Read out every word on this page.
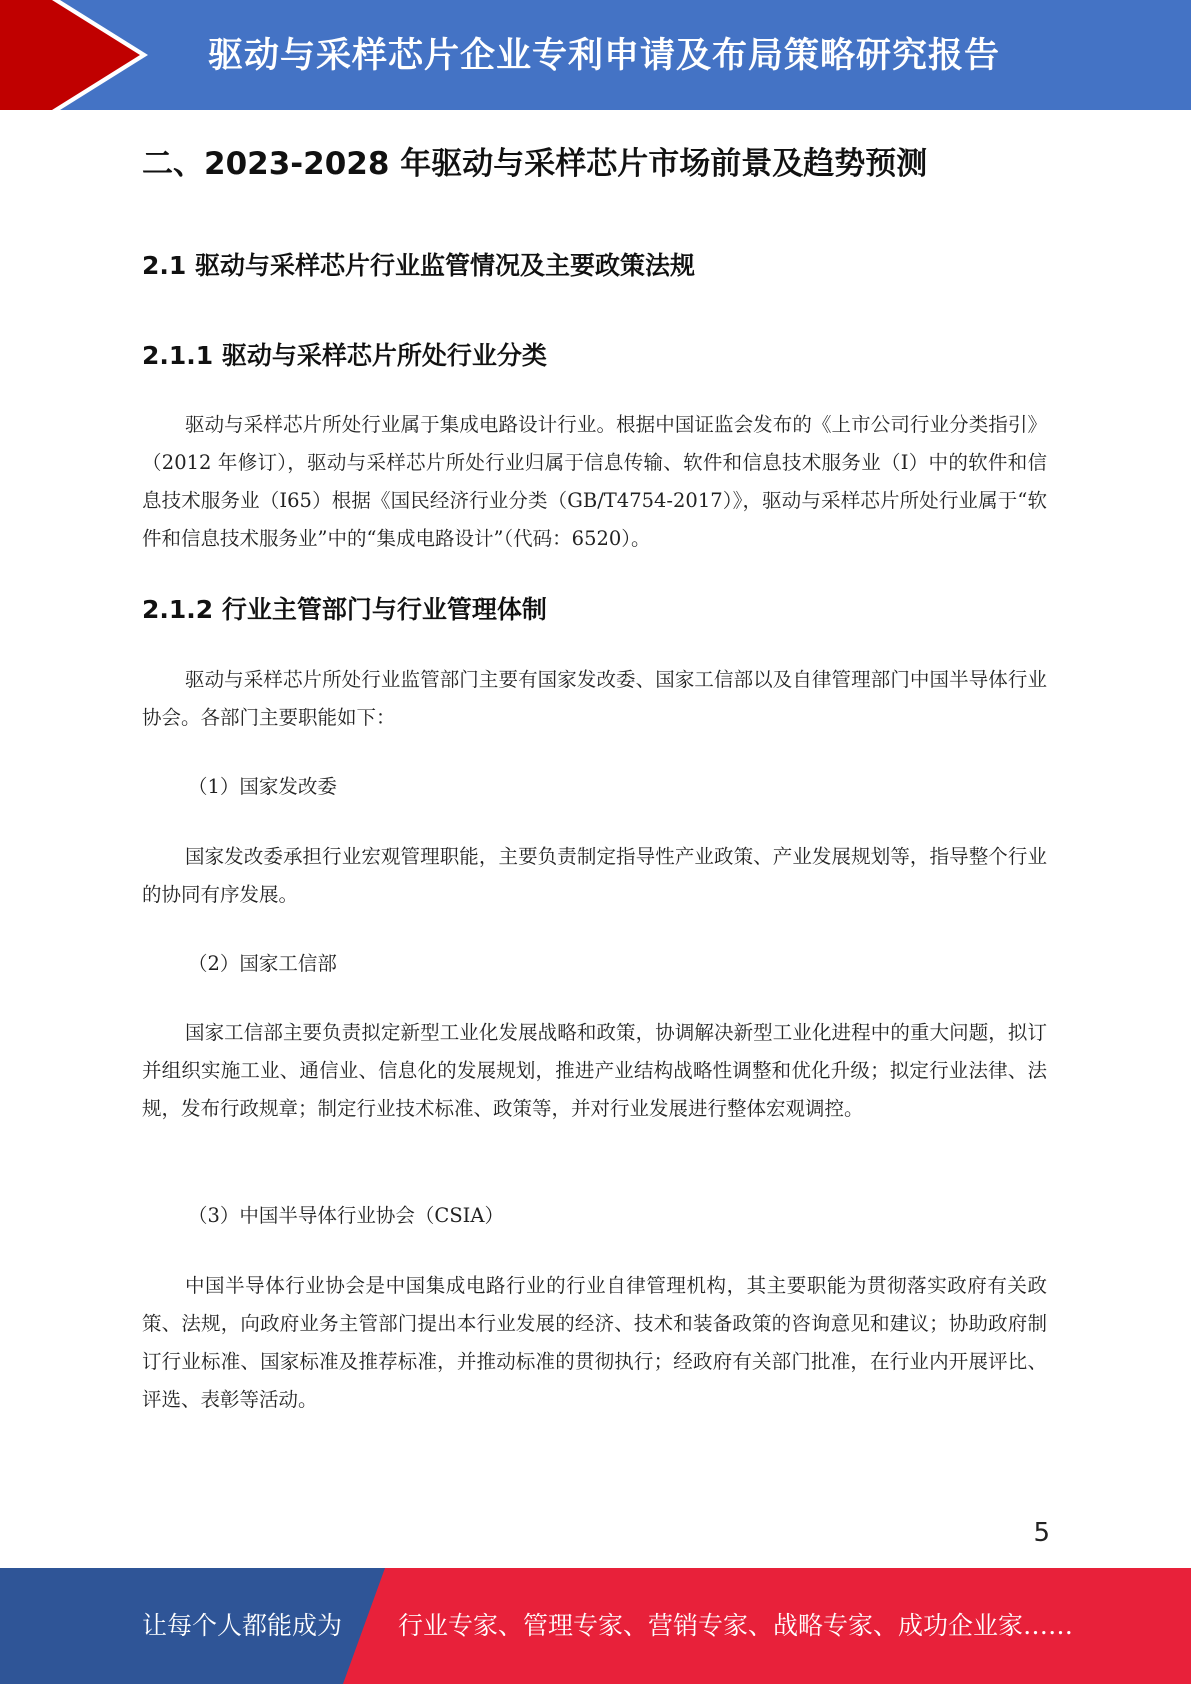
驱动与采样芯片企业专利申请及布局策略研究报告
二、2023-2028 年驱动与采样芯片市场前景及趋势预测
2.1 驱动与采样芯片行业监管情况及主要政策法规
2.1.1 驱动与采样芯片所处行业分类

驱动与采样芯片所处行业属于集成电路设计行业。根据中国证监会发布的《上市公司行业分类指引》（2012 年修订），驱动与采样芯片所处行业归属于信息传输、软件和信息技术服务业（I）中的软件和信息技术服务业（I65）根据《国民经济行业分类（GB/T4754-2017）》，驱动与采样芯片所处行业属于“软件和信息技术服务业”中的“集成电路设计”（代码：6520）。

2.1.2 行业主管部门与行业管理体制

驱动与采样芯片所处行业监管部门主要有国家发改委、国家工信部以及自律管理部门中国半导体行业协会。各部门主要职能如下：

（1）国家发改委

国家发改委承担行业宏观管理职能，主要负责制定指导性产业政策、产业发展规划等，指导整个行业的协同有序发展。

（2）国家工信部

国家工信部主要负责拟定新型工业化发展战略和政策，协调解决新型工业化进程中的重大问题，拟订并组织实施工业、通信业、信息化的发展规划，推进产业结构战略性调整和优化升级；拟定行业法律、法规，发布行政规章；制定行业技术标准、政策等，并对行业发展进行整体宏观调控。

（3）中国半导体行业协会（CSIA）

中国半导体行业协会是中国集成电路行业的行业自律管理机构，其主要职能为贯彻落实政府有关政策、法规，向政府业务主管部门提出本行业发展的经济、技术和装备政策的咨询意见和建议；协助政府制订行业标准、国家标准及推荐标准，并推动标准的贯彻执行；经政府有关部门批准，在行业内开展评比、评选、表彰等活动。

5
让每个人都能成为 行业专家、管理专家、营销专家、战略专家、成功企业家……
